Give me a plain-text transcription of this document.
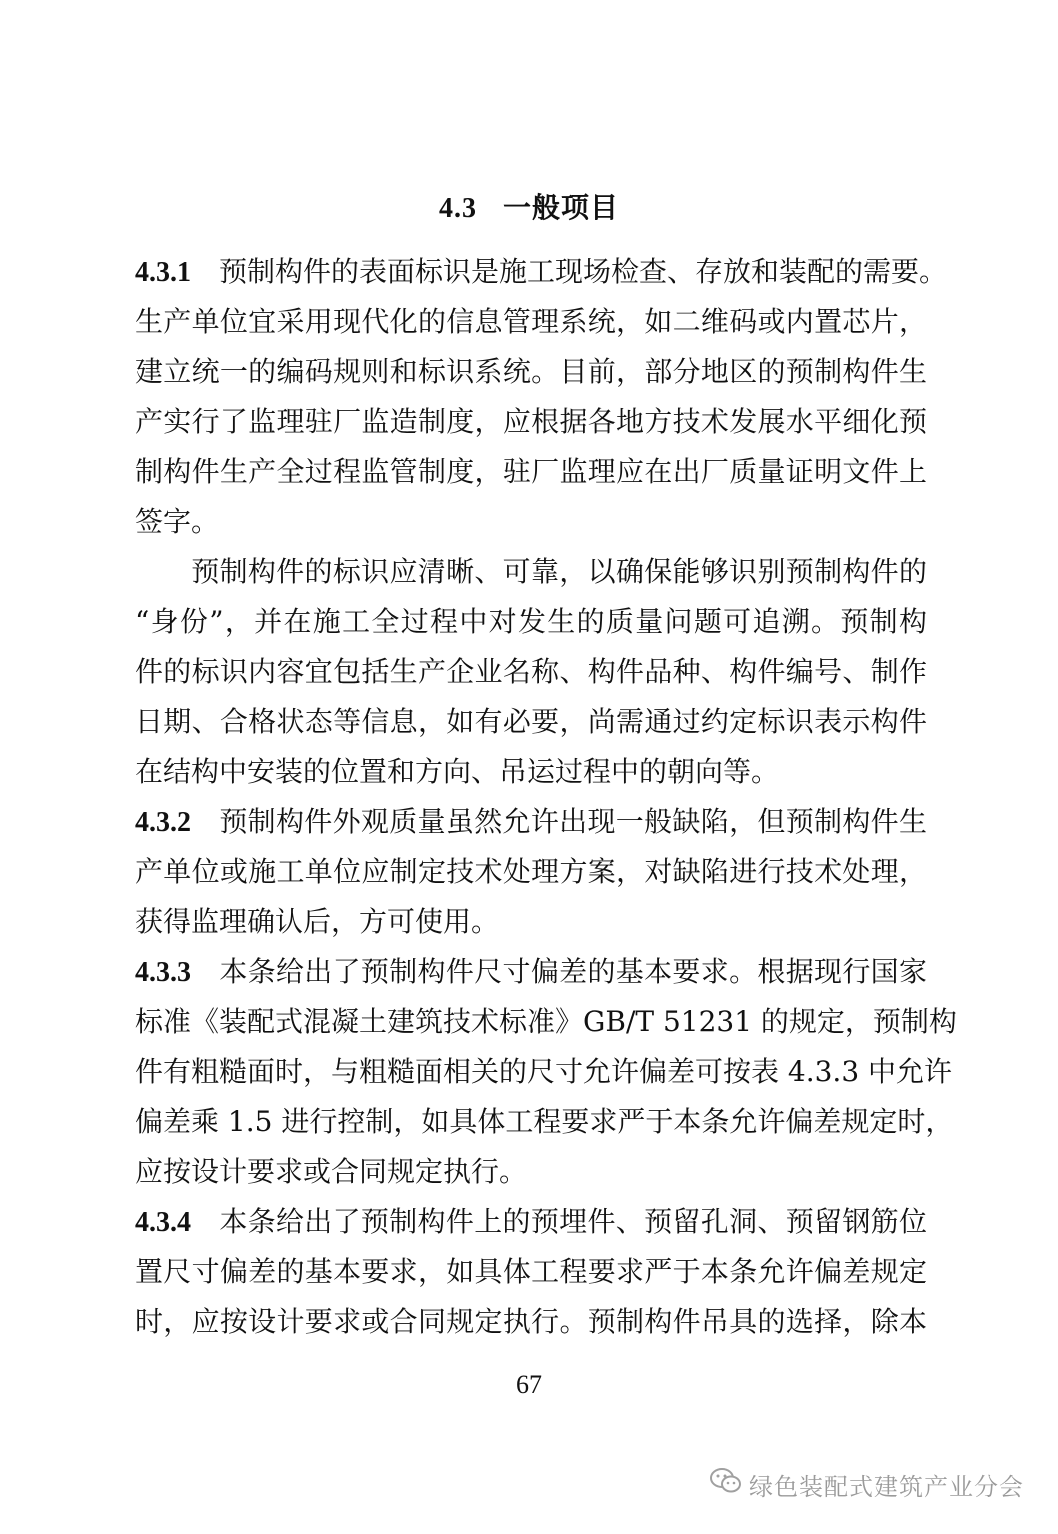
4.3 一般项目
4.3.1 预制构件的表面标识是施工现场检查、存放和装配的需要。
生产单位宜采用现代化的信息管理系统，如二维码或内置芯片，
建立统一的编码规则和标识系统。目前，部分地区的预制构件生
产实行了监理驻厂监造制度，应根据各地方技术发展水平细化预
制构件生产全过程监管制度，驻厂监理应在出厂质量证明文件上
签字。
预制构件的标识应清晰、可靠，以确保能够识别预制构件的
“身份”，并在施工全过程中对发生的质量问题可追溯。预制构
件的标识内容宜包括生产企业名称、构件品种、构件编号、制作
日期、合格状态等信息，如有必要，尚需通过约定标识表示构件
在结构中安装的位置和方向、吊运过程中的朝向等。
4.3.2 预制构件外观质量虽然允许出现一般缺陷，但预制构件生
产单位或施工单位应制定技术处理方案，对缺陷进行技术处理，
获得监理确认后，方可使用。
4.3.3 本条给出了预制构件尺寸偏差的基本要求。根据现行国家
标准《装配式混凝土建筑技术标准》GB/T 51231 的规定，预制构
件有粗糙面时，与粗糙面相关的尺寸允许偏差可按表 4.3.3 中允许
偏差乘 1.5 进行控制，如具体工程要求严于本条允许偏差规定时，
应按设计要求或合同规定执行。
4.3.4 本条给出了预制构件上的预埋件、预留孔洞、预留钢筋位
置尺寸偏差的基本要求，如具体工程要求严于本条允许偏差规定
时，应按设计要求或合同规定执行。预制构件吊具的选择，除本
67
绿色装配式建筑产业分会
